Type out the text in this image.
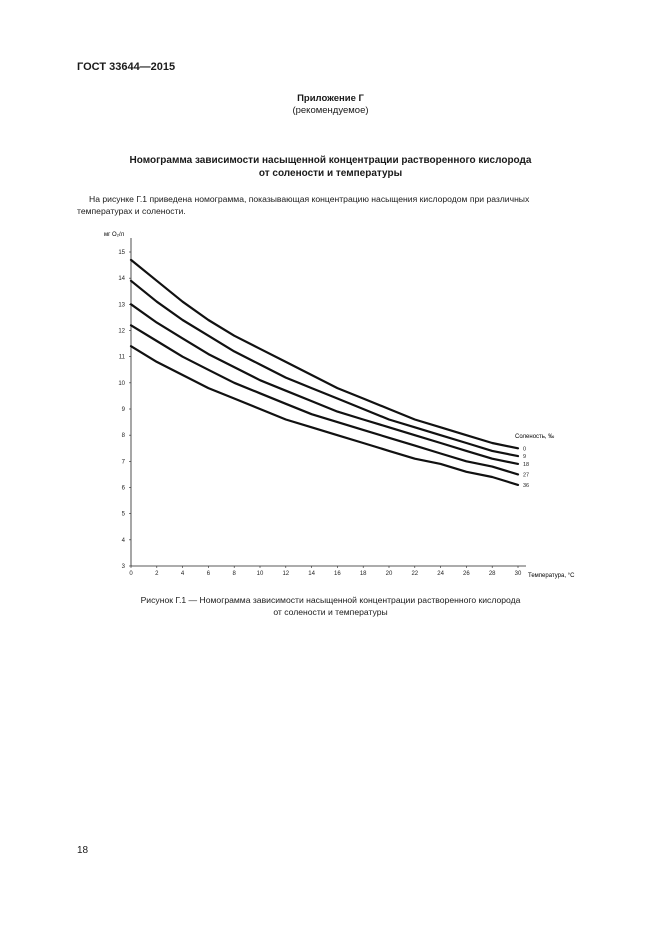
ГОСТ 33644—2015
Приложение Г
(рекомендуемое)
Номограмма зависимости насыщенной концентрации растворенного кислорода
от солености и температуры
На рисунке Г.1 приведена номограмма, показывающая концентрацию насыщения кислородом при различных
температурах и солености.
3
4
5
6
7
8
9
10
11
12
13
14
15
0	2	4	6	8	10	12	14	16	18	20	22	24	26	28	30
0
9
18
27
36
мг O₂/л
Температура, °C
Соленость, ‰
Рисунок Г.1 — Номограмма зависимости насыщенной концентрации растворенного кислорода
от солености и температуры
18
